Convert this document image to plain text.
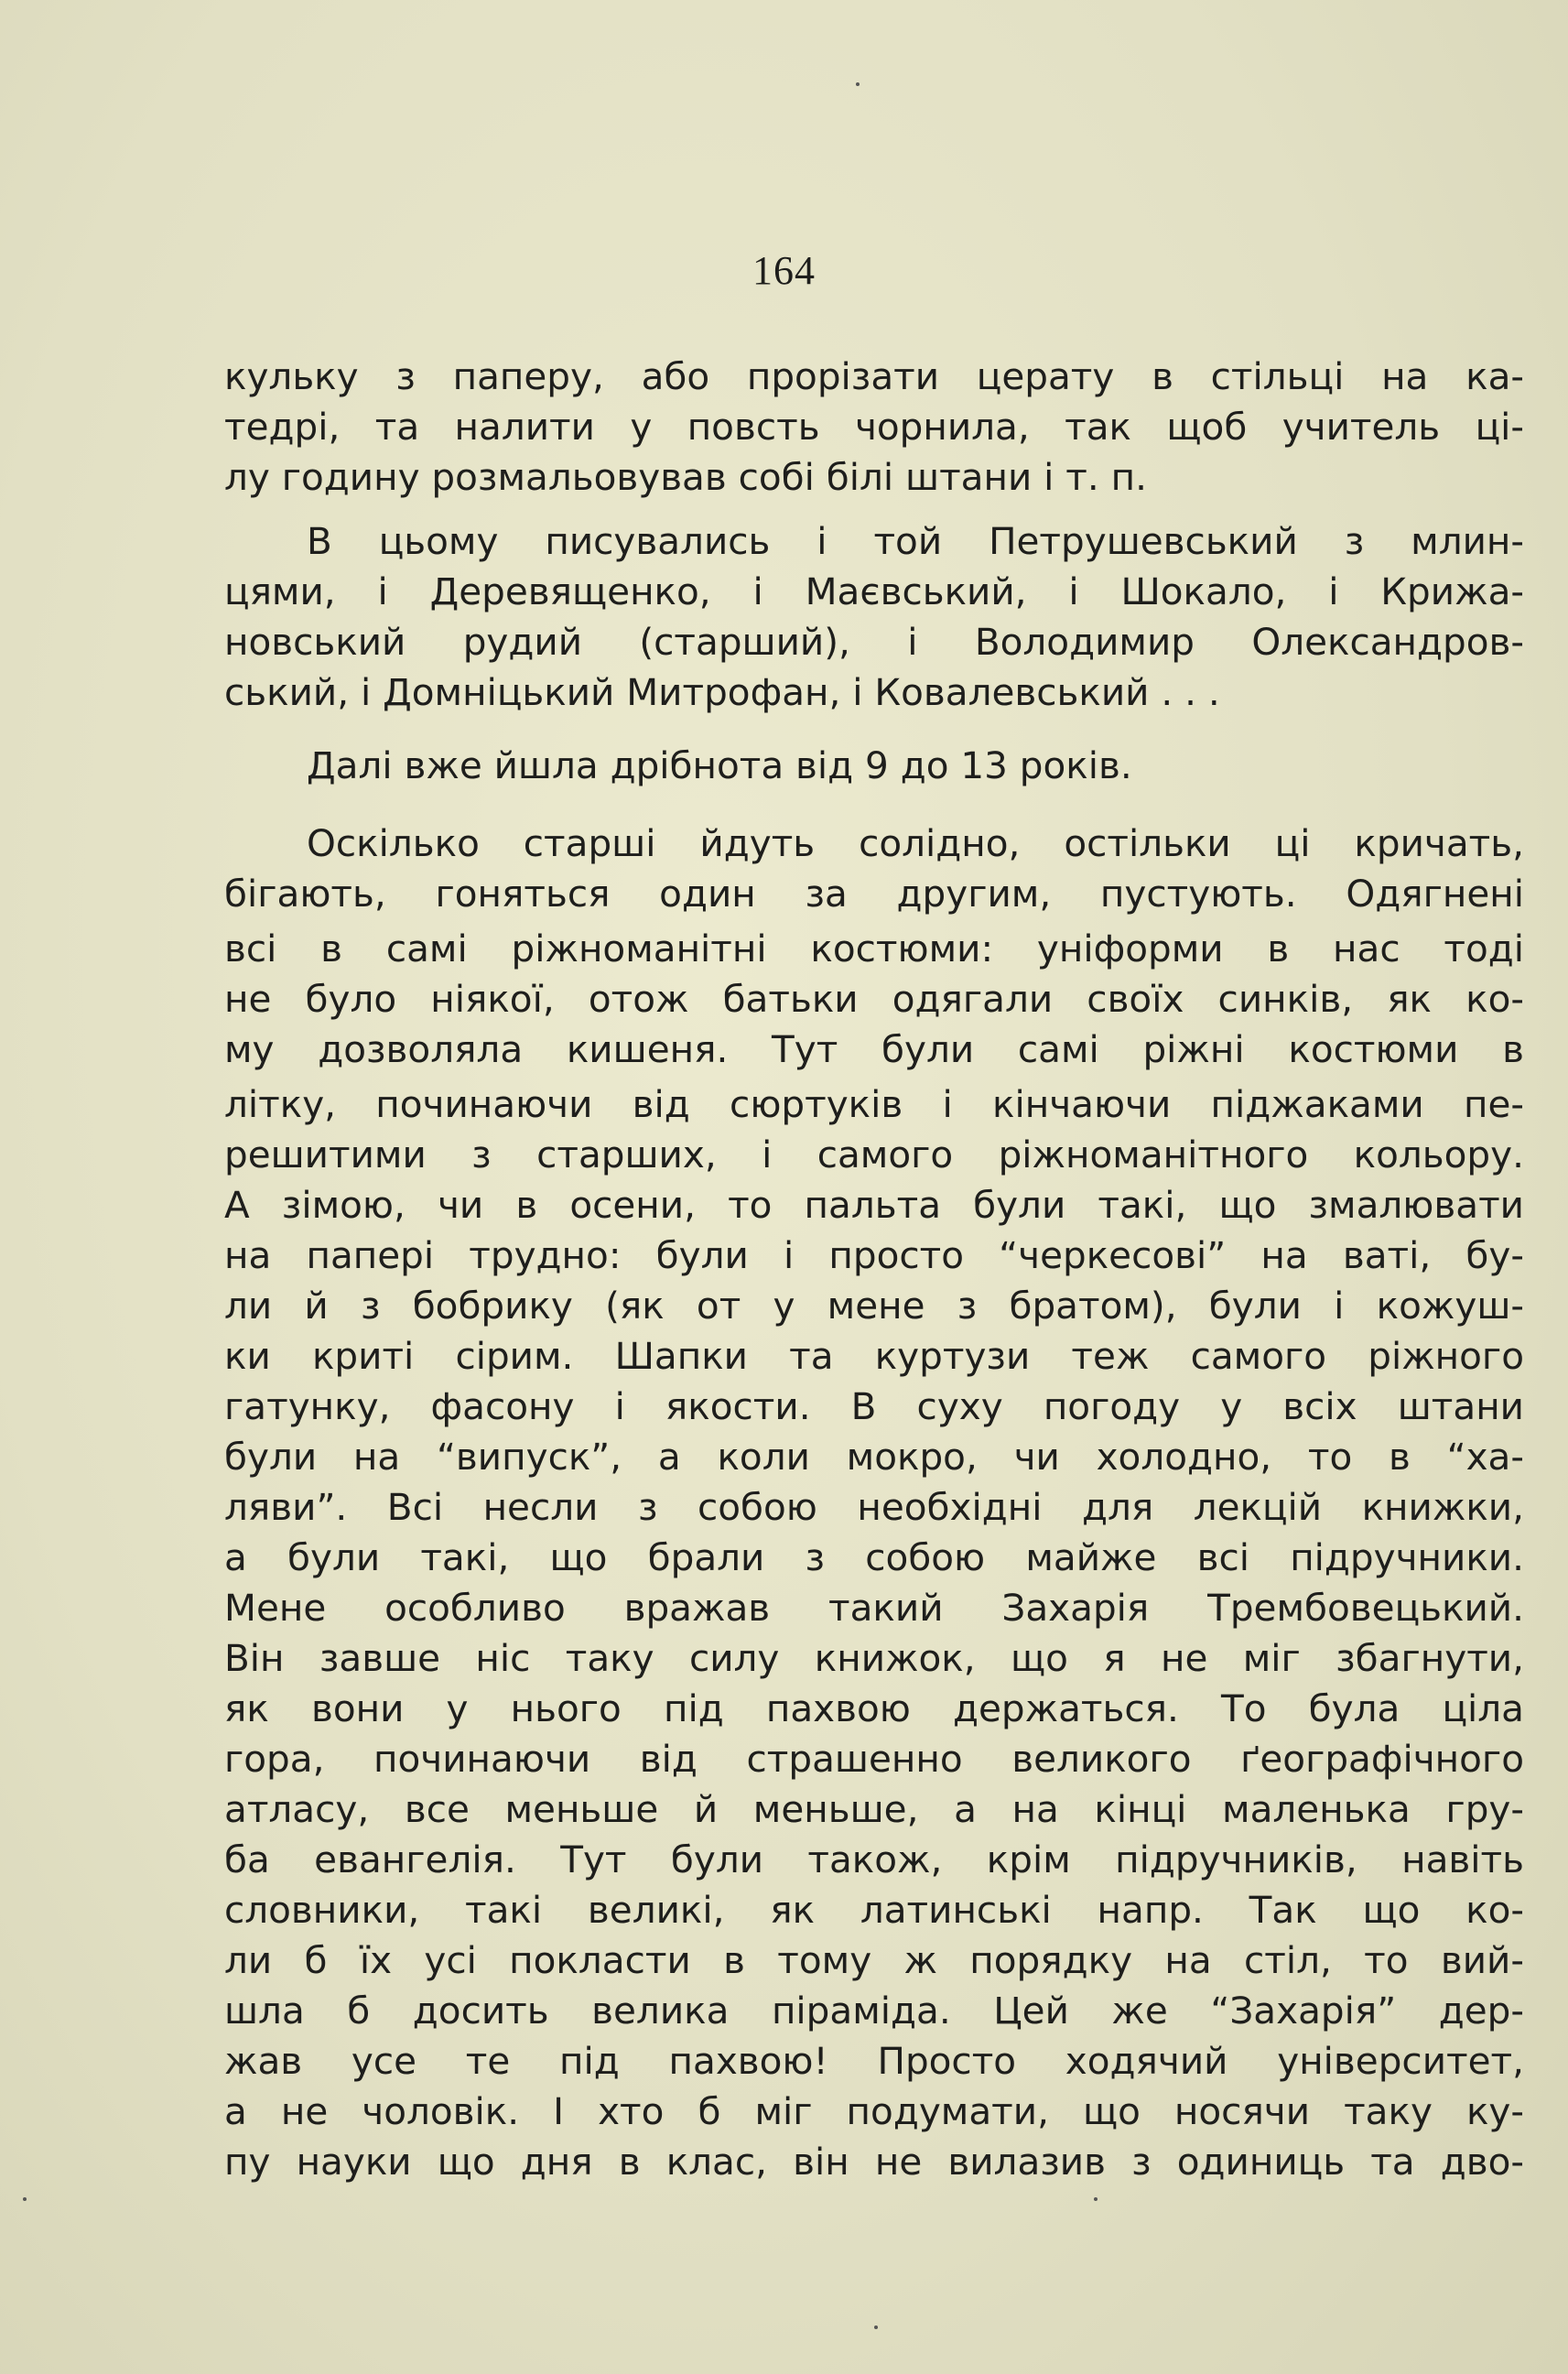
164
кульку з паперу, або прорізати церату в стільці на ка-
тедрі, та налити у повсть чорнила, так щоб учитель ці-
лу годину розмальовував собі білі штани і т. п.
В цьому писувались і той Петрушевський з млин-
цями, і Деревященко, і Маєвський, і Шокало, і Крижа-
новський рудий (старший), і Володимир Олександров-
ський, і Домніцький Митрофан, і Ковалевський . . .
Далі вже йшла дрібнота від 9 до 13 років.
Оскілько старші йдуть солідно, остільки ці кричать,
бігають, гоняться один за другим, пустують. Одягнені
всі в самі ріжноманітні костюми: уніформи в нас тоді
не було ніякої, отож батьки одягали своїх синків, як ко-
му дозволяла кишеня. Тут були самі ріжні костюми в
літку, починаючи від сюртуків і кінчаючи піджаками пе-
решитими з старших, і самого ріжноманітного кольору.
А зімою, чи в осени, то пальта були такі, що змалювати
на папері трудно: були і просто “черкесові” на ваті, бу-
ли й з бобрику (як от у мене з братом), були і кожуш-
ки криті сірим. Шапки та куртузи теж самого ріжного
гатунку, фасону і якости. В суху погоду у всіх штани
були на “випуск”, а коли мокро, чи холодно, то в “ха-
ляви”. Всі несли з собою необхідні для лекцій книжки,
а були такі, що брали з собою майже всі підручники.
Мене особливо вражав такий Захарія Трембовецький.
Він завше ніс таку силу книжок, що я не міг збагнути,
як вони у нього під пахвою держаться. То була ціла
гора, починаючи від страшенно великого ґеографічного
атласу, все меньше й меньше, а на кінці маленька гру-
ба евангелія. Тут були також, крім підручників, навіть
словники, такі великі, як латинські напр. Так що ко-
ли б їх усі покласти в тому ж порядку на стіл, то вий-
шла б досить велика піраміда. Цей же “Захарія” дер-
жав усе те під пахвою! Просто ходячий університет,
а не чоловік. І хто б міг подумати, що носячи таку ку-
пу науки що дня в клас, він не вилазив з одиниць та дво-
